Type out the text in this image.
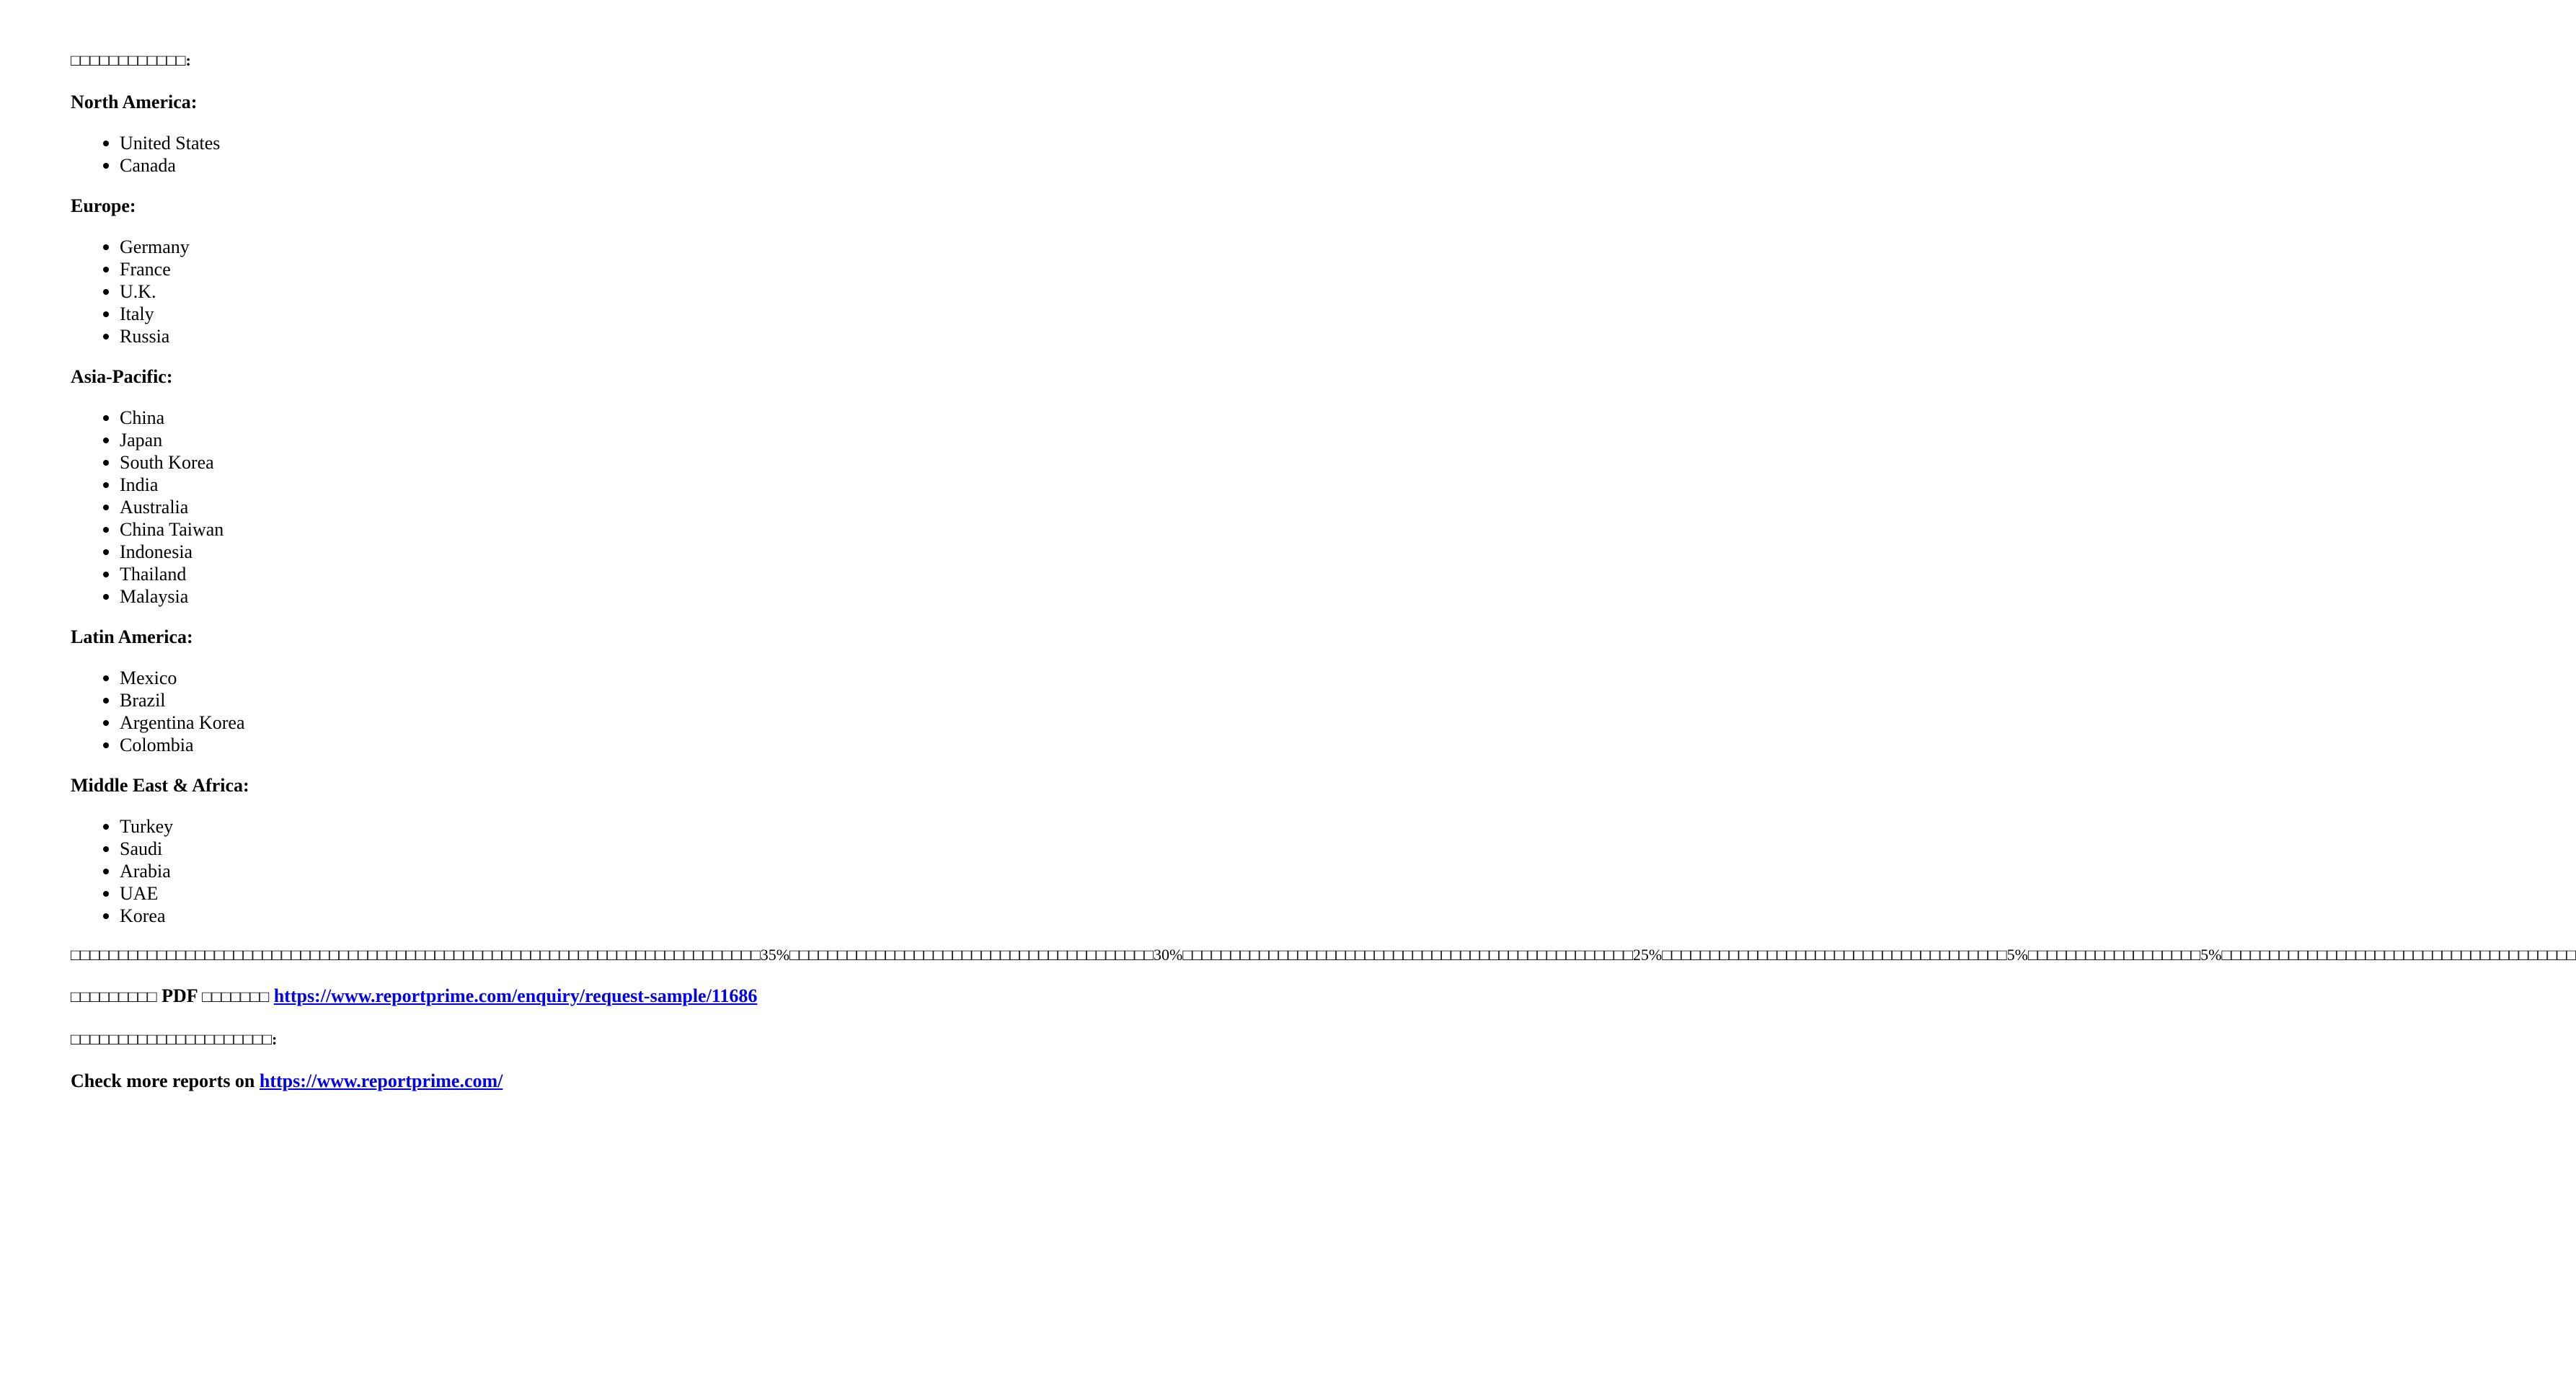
□□□□□□□□□□□□:

North America:

United States
Canada

Europe:

Germany
France
U.K.
Italy
Russia

Asia-Pacific:

China
Japan
South Korea
India
Australia
China Taiwan
Indonesia
Thailand
Malaysia

Latin America:

Mexico
Brazil
Argentina Korea
Colombia

Middle East & Africa:

Turkey
Saudi
Arabia
UAE
Korea

□□□□□□□□□□□□□□□□□□□□□□□□□□□□□□□□□□□□□□□□□□□□□□□□□□□□□□□□□□□□□□□□□□□□□□□□35%□□□□□□□□□□□□□□□□□□□□□□□□□□□□□□□□□□□□□□30%□□□□□□□□□□□□□□□□□□□□□□□□□□□□□□□□□□□□□□□□□□□□□□□25%□□□□□□□□□□□□□□□□□□□□□□□□□□□□□□□□□□□□5%□□□□□□□□□□□□□□□□□□5%□□□□□□□□□□□□□□□□□□□□□□□□□□□□□□□□□□□□□

□□□□□□□□□ PDF □□□□□□□ https://www.reportprime.com/enquiry/request-sample/11686

□□□□□□□□□□□□□□□□□□□□□:

Check more reports on https://www.reportprime.com/
